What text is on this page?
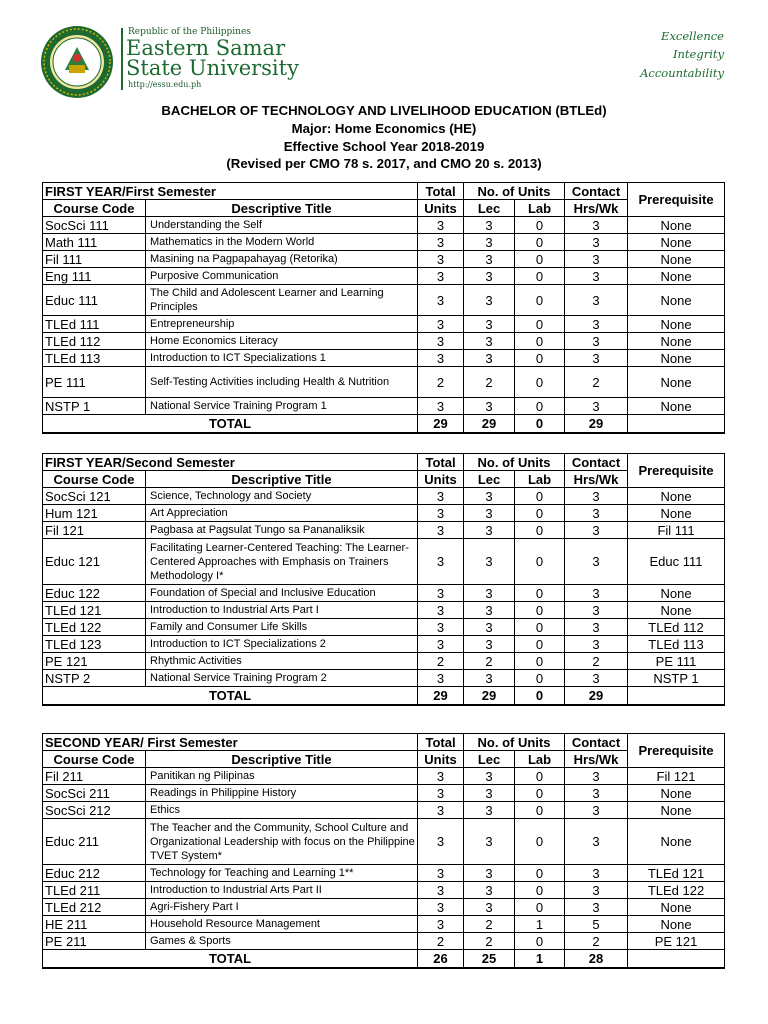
Republic of the Philippines
Eastern Samar
State University
http://essu.edu.ph
Excellence
Integrity
Accountability
BACHELOR OF TECHNOLOGY AND LIVELIHOOD EDUCATION (BTLEd)
Major: Home Economics (HE)
Effective School Year 2018-2019
(Revised per CMO 78 s. 2017, and CMO 20 s. 2013)
FIRST YEAR/First Semester		Total	No. of Units		Contact	Prerequisite
Course Code	Descriptive Title	Units	Lec	Lab	Hrs/Wk	
SocSci 111	Understanding the Self	3	3	0	3	None
Math 111	Mathematics in the Modern World	3	3	0	3	None
Fil 111	Masining na Pagpapahayag (Retorika)	3	3	0	3	None
Eng 111	Purposive Communication	3	3	0	3	None
Educ 111	The Child and Adolescent Learner and Learning Principles	3	3	0	3	None
TLEd 111	Entrepreneurship	3	3	0	3	None
TLEd 112	Home Economics Literacy	3	3	0	3	None
TLEd 113	Introduction to ICT Specializations 1	3	3	0	3	None
PE 111	Self-Testing Activities including Health & Nutrition	2	2	0	2	None
NSTP 1	National Service Training Program 1	3	3	0	3	None
TOTAL		29	29	0	29	
FIRST YEAR/Second Semester		Total	No. of Units		Contact	Prerequisite
Course Code	Descriptive Title	Units	Lec	Lab	Hrs/Wk	
SocSci 121	Science, Technology and Society	3	3	0	3	None
Hum 121	Art Appreciation	3	3	0	3	None
Fil 121	Pagbasa at Pagsulat Tungo sa Pananaliksik	3	3	0	3	Fil 111
Educ 121	Facilitating Learner-Centered Teaching: The Learner-Centered Approaches with Emphasis on Trainers Methodology I*	3	3	0	3	Educ 111
Educ 122	Foundation of Special and Inclusive Education	3	3	0	3	None
TLEd 121	Introduction to Industrial Arts Part I	3	3	0	3	None
TLEd 122	Family and Consumer Life Skills	3	3	0	3	TLEd 112
TLEd 123	Introduction to ICT Specializations 2	3	3	0	3	TLEd 113
PE 121	Rhythmic Activities	2	2	0	2	PE 111
NSTP 2	National Service Training Program 2	3	3	0	3	NSTP 1
TOTAL		29	29	0	29	
SECOND YEAR/ First Semester		Total	No. of Units		Contact	Prerequisite
Course Code	Descriptive Title	Units	Lec	Lab	Hrs/Wk	
Fil 211	Panitikan ng Pilipinas	3	3	0	3	Fil 121
SocSci 211	Readings in Philippine History	3	3	0	3	None
SocSci 212	Ethics	3	3	0	3	None
Educ 211	The Teacher and the Community, School Culture and Organizational Leadership with focus on the Philippine TVET System*	3	3	0	3	None
Educ 212	Technology for Teaching and Learning 1**	3	3	0	3	TLEd 121
TLEd 211	Introduction to Industrial Arts Part II	3	3	0	3	TLEd 122
TLEd 212	Agri-Fishery Part I	3	3	0	3	None
HE 211	Household Resource Management	3	2	1	5	None
PE 211	Games & Sports	2	2	0	2	PE 121
TOTAL		26	25	1	28	
